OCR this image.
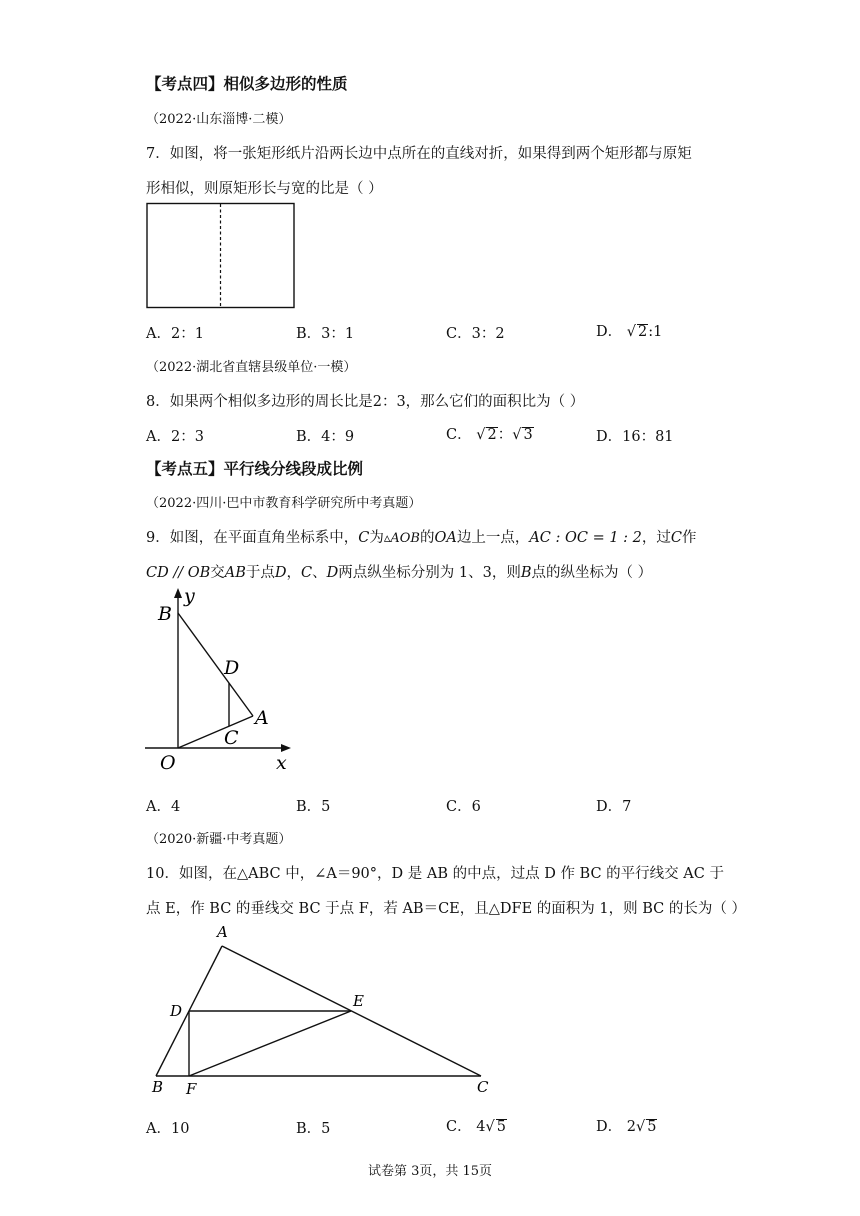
【考点四】相似多边形的性质
（2022·山东淄博·二模）
7．如图，将一张矩形纸片沿两长边中点所在的直线对折，如果得到两个矩形都与原矩
形相似，则原矩形长与宽的比是（ ）
A．2：1	B．3：1	C．3：2	D． √ 2:1
（2022·湖北省直辖县级单位·一模）
8．如果两个相似多边形的周长比是2：3，那么它们的面积比为（ ）
A．2：3	B．4：9	C． √ 2：√ 3	D．16：81
【考点五】平行线分线段成比例
（2022·四川·巴中市教育科学研究所中考真题）
9．如图，在平面直角坐标系中，C为▵AOB的OA边上一点，AC : OC = 1 : 2，过C作
CD // OB交AB于点D，C、D两点纵坐标分别为 1、3，则B点的纵坐标为（ ）
B
y
D
A
C
O	x
A．4	B．5	C．6	D．7
（2020·新疆·中考真题）
10．如图，在△ABC 中，∠A＝90°，D 是 AB 的中点，过点 D 作 BC 的平行线交 AC 于
点 E，作 BC 的垂线交 BC 于点 F，若 AB＝CE，且△DFE 的面积为 1，则 BC 的长为（ ）
A
D
E
B F	C
A．10	B．5	C． 4√ 5	D． 2√ 5
试卷第 3页，共 15页
